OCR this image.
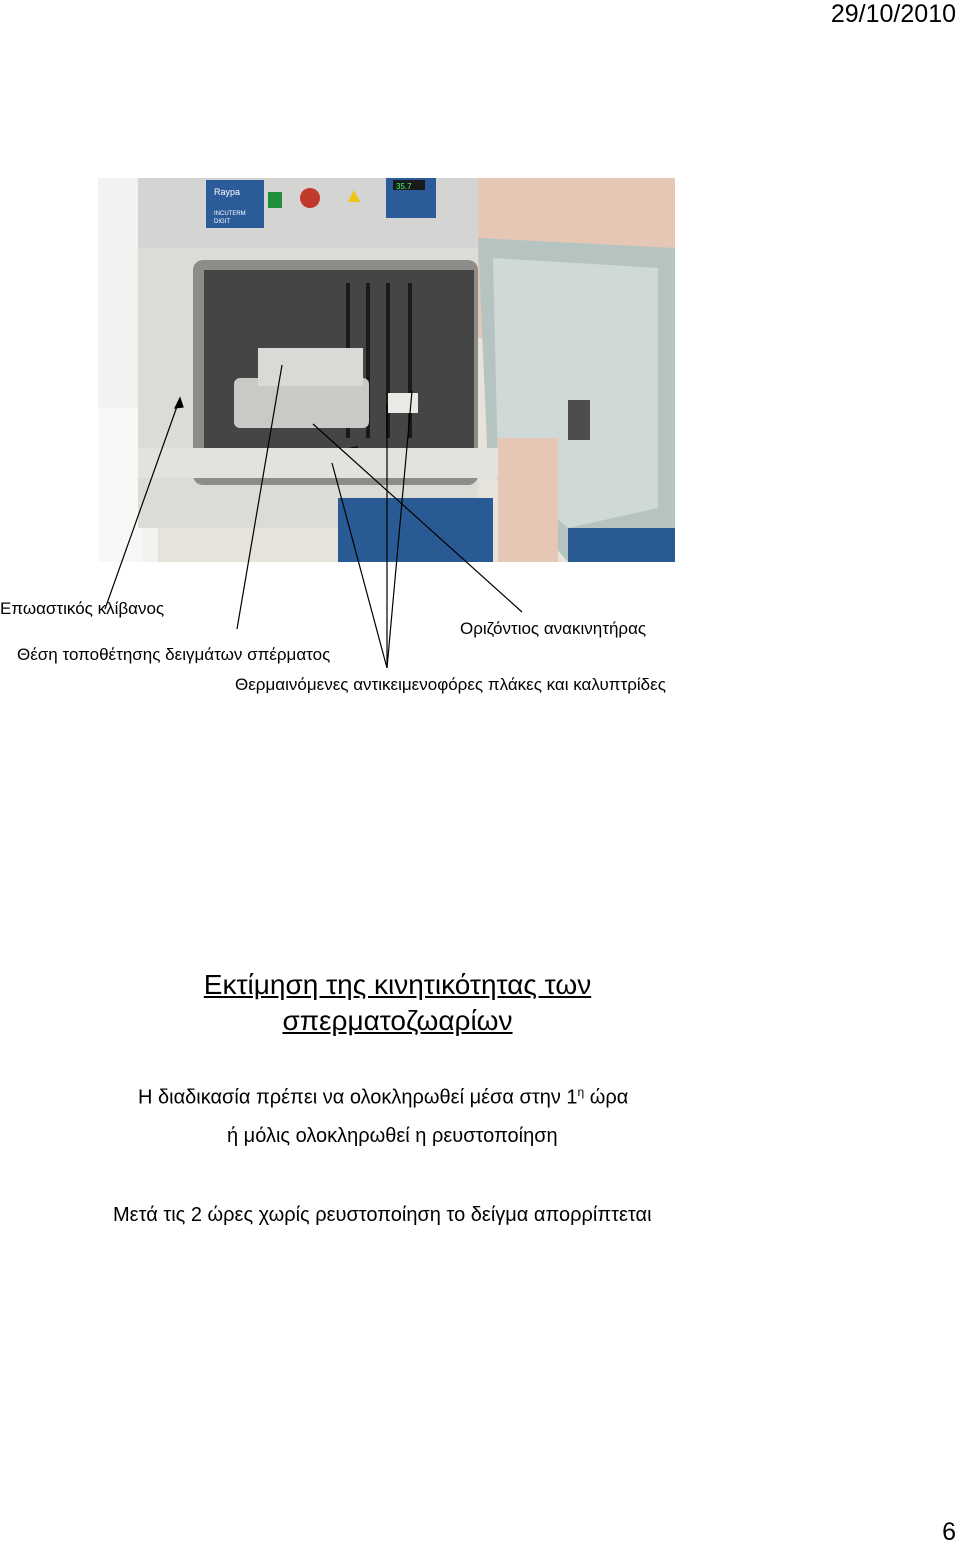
29/10/2010
Raypa
INCUTERM
DIGIT
35.7
Επωαστικός κλίβανος
Οριζόντιος ανακινητήρας
Θέση τοποθέτησης δειγμάτων σπέρματος
Θερμαινόμενες αντικειμενοφόρες πλάκες και καλυπτρίδες
Εκτίμηση της κινητικότητας των
σπερματοζωαρίων
Η διαδικασία πρέπει να ολοκληρωθεί μέσα στην $1^\eta$ ώρα
ή μόλις ολοκληρωθεί η ρευστοποίηση
Μετά τις 2 ώρες χωρίς ρευστοποίηση το δείγμα απορρίπτεται
6
